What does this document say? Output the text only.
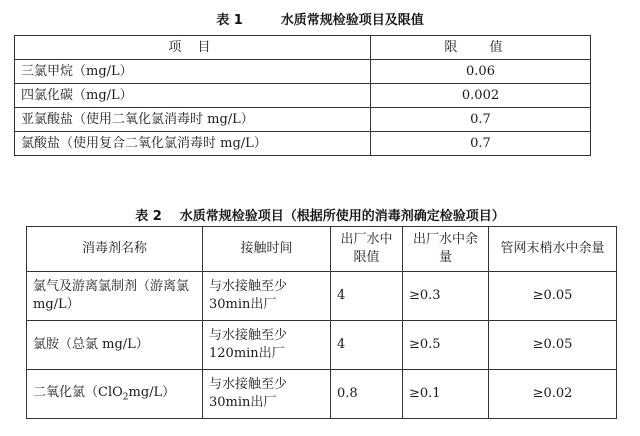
表 1	水质常规检验项目及限值
项 目	限 值
三氯甲烷（mg/L）	0.06
四氯化碳（mg/L）	0.002
亚氯酸盐（使用二氧化氯消毒时 mg/L）	0.7
氯酸盐（使用复合二氧化氯消毒时 mg/L）	0.7
表 2 水质常规检验项目（根据所使用的消毒剂确定检验项目）
消毒剂名称	接触时间	出厂水中限值	出厂水中余量	管网末梢水中余量
氯气及游离氯制剂（游离氯 mg/L）	与水接触至少30min出厂	4	≥0.3	≥0.05
氯胺（总氯 mg/L）	与水接触至少120min出厂	4	≥0.5	≥0.05
二氧化氯（ClO$_2$mg/L）	与水接触至少30min出厂	0.8	≥0.1	≥0.02
